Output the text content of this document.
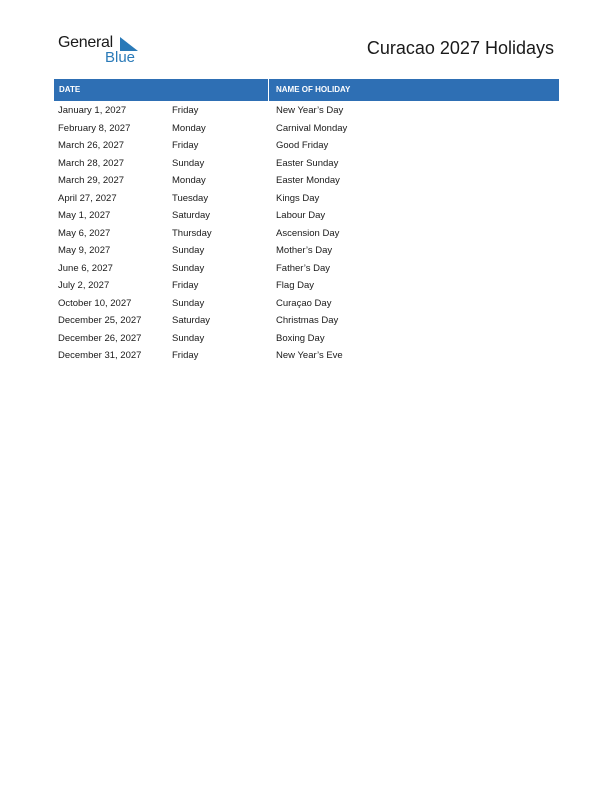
General
Blue	Curacao 2027 Holidays
DATE	NAME OF HOLIDAY
January 1, 2027	Friday	New Year’s Day
February 8, 2027	Monday	Carnival Monday
March 26, 2027	Friday	Good Friday
March 28, 2027	Sunday	Easter Sunday
March 29, 2027	Monday	Easter Monday
April 27, 2027	Tuesday	Kings Day
May 1, 2027	Saturday	Labour Day
May 6, 2027	Thursday	Ascension Day
May 9, 2027	Sunday	Mother’s Day
June 6, 2027	Sunday	Father’s Day
July 2, 2027	Friday	Flag Day
October 10, 2027	Sunday	Curaçao Day
December 25, 2027	Saturday	Christmas Day
December 26, 2027	Sunday	Boxing Day
December 31, 2027	Friday	New Year’s Eve
